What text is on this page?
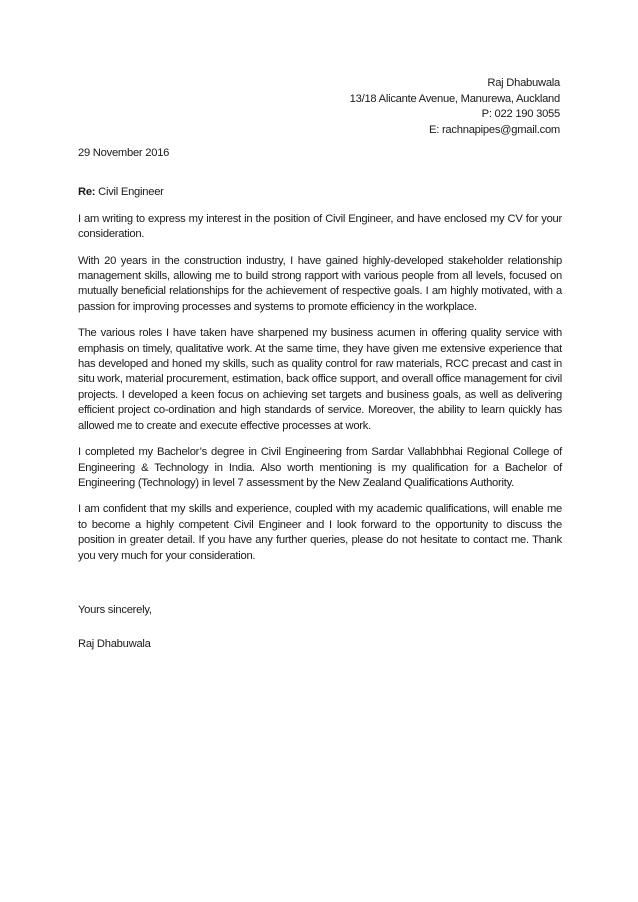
Raj Dhabuwala
13/18 Alicante Avenue, Manurewa, Auckland
P: 022 190 3055
E: rachnapipes@gmail.com

29 November 2016

Re: Civil Engineer

I am writing to express my interest in the position of Civil Engineer, and have enclosed my CV for your consideration.

With 20 years in the construction industry, I have gained highly-developed stakeholder relationship management skills, allowing me to build strong rapport with various people from all levels, focused on mutually beneficial relationships for the achievement of respective goals. I am highly motivated, with a passion for improving processes and systems to promote efficiency in the workplace.

The various roles I have taken have sharpened my business acumen in offering quality service with emphasis on timely, qualitative work. At the same time, they have given me extensive experience that has developed and honed my skills, such as quality control for raw materials, RCC precast and cast in situ work, material procurement, estimation, back office support, and overall office management for civil projects. I developed a keen focus on achieving set targets and business goals, as well as delivering efficient project co-ordination and high standards of service. Moreover, the ability to learn quickly has allowed me to create and execute effective processes at work.

I completed my Bachelor’s degree in Civil Engineering from Sardar Vallabhbhai Regional College of Engineering & Technology in India. Also worth mentioning is my qualification for a Bachelor of Engineering (Technology) in level 7 assessment by the New Zealand Qualifications Authority.

I am confident that my skills and experience, coupled with my academic qualifications, will enable me to become a highly competent Civil Engineer and I look forward to the opportunity to discuss the position in greater detail. If you have any further queries, please do not hesitate to contact me. Thank you very much for your consideration.

Yours sincerely,

Raj Dhabuwala
